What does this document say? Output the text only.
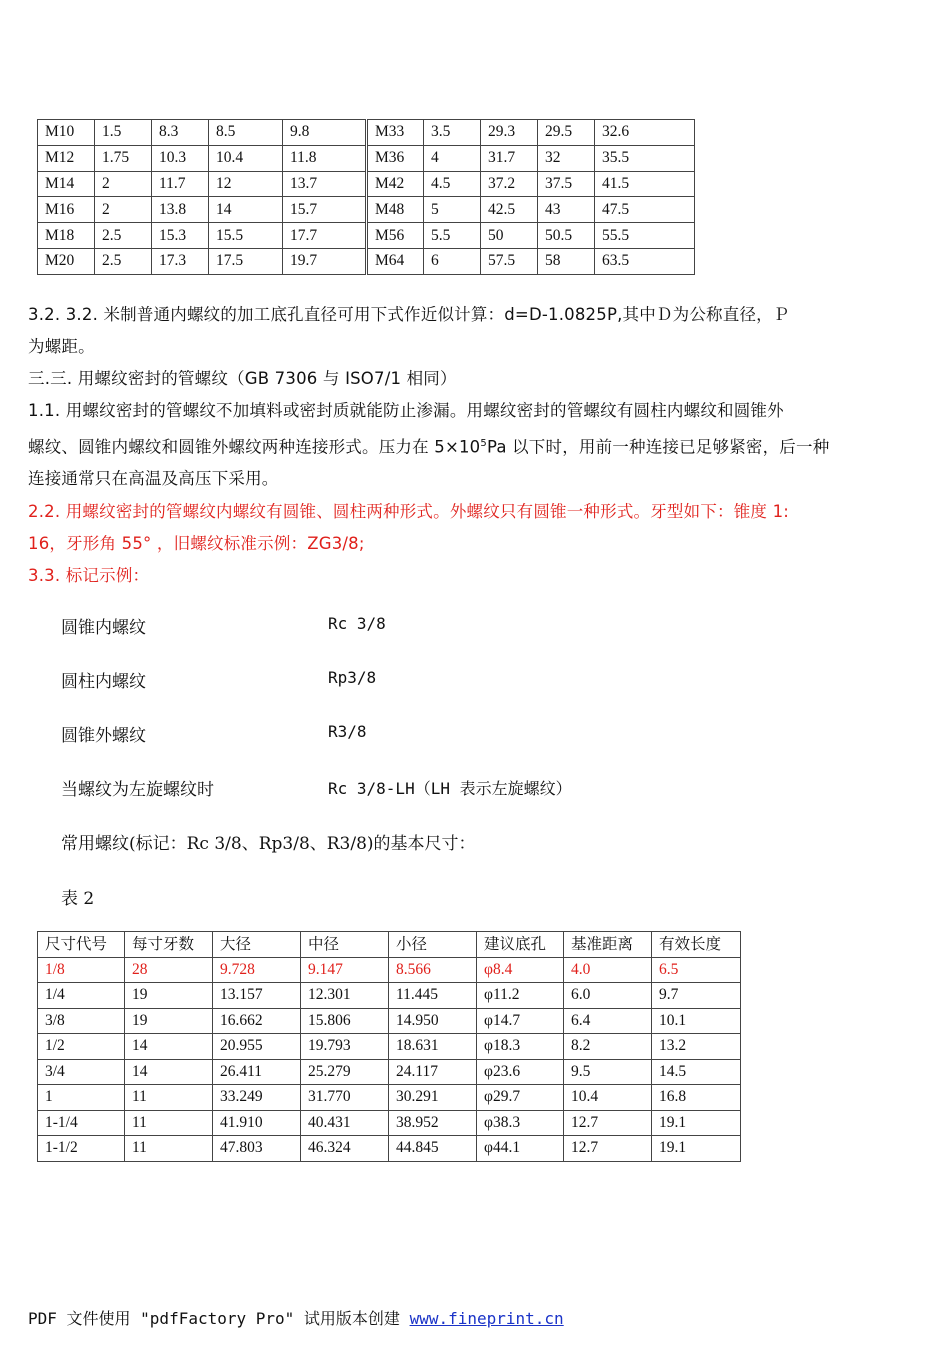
M10	1.5	8.3	8.5	9.8	M33	3.5	29.3	29.5	32.6
M12	1.75	10.3	10.4	11.8	M36	4	31.7	32	35.5
M14	2	11.7	12	13.7	M42	4.5	37.2	37.5	41.5
M16	2	13.8	14	15.7	M48	5	42.5	43	47.5
M18	2.5	15.3	15.5	17.7	M56	5.5	50	50.5	55.5
M20	2.5	17.3	17.5	19.7	M64	6	57.5	58	63.5
3.2. 3.2. 米制普通内螺纹的加工底孔直径可用下式作近似计算：d=D-1.0825P,其中Ｄ为公称直径，Ｐ
为螺距。
三.三. 用螺纹密封的管螺纹（GB 7306 与 ISO7/1 相同）
1.1. 用螺纹密封的管螺纹不加填料或密封质就能防止渗漏。用螺纹密封的管螺纹有圆柱内螺纹和圆锥外
螺纹、圆锥内螺纹和圆锥外螺纹两种连接形式。压力在 $5\times 10^5Pa$ 以下时，用前一种连接已足够紧密，后一种
连接通常只在高温及高压下采用。
2.2. 用螺纹密封的管螺纹内螺纹有圆锥、圆柱两种形式。外螺纹只有圆锥一种形式。牙型如下：锥度 1:
16，牙形角 55° ，旧螺纹标准示例：ZG3/8;
3.3. 标记示例：
圆锥内螺纹	Rc 3/8
圆柱内螺纹	Rp3/8
圆锥外螺纹	R3/8
当螺纹为左旋螺纹时	Rc 3/8-LH（LH 表示左旋螺纹）
常用螺纹(标记：Rc 3/8、Rp3/8、R3/8)的基本尺寸：
表 2
尺寸代号	每寸牙数	大径	中径	小径	建议底孔	基准距离	有效长度
1/8	28	9.728	9.147	8.566	φ8.4	4.0	6.5
1/4	19	13.157	12.301	11.445	φ11.2	6.0	9.7
3/8	19	16.662	15.806	14.950	φ14.7	6.4	10.1
1/2	14	20.955	19.793	18.631	φ18.3	8.2	13.2
3/4	14	26.411	25.279	24.117	φ23.6	9.5	14.5
1	11	33.249	31.770	30.291	φ29.7	10.4	16.8
1-1/4	11	41.910	40.431	38.952	φ38.3	12.7	19.1
1-1/2	11	47.803	46.324	44.845	φ44.1	12.7	19.1
PDF 文件使用 "pdfFactory Pro" 试用版本创建 www.fineprint.cn
